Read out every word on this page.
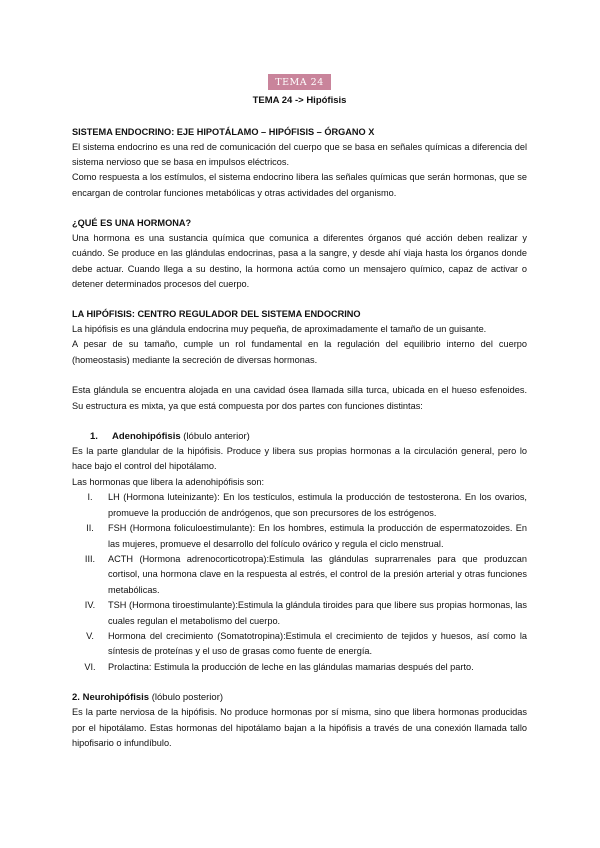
TEMA 24
TEMA 24 -> Hipófisis
SISTEMA ENDOCRINO: EJE HIPOTÁLAMO – HIPÓFISIS – ÓRGANO X

El sistema endocrino es una red de comunicación del cuerpo que se basa en señales químicas a diferencia del sistema nervioso que se basa en impulsos eléctricos.

Como respuesta a los estímulos, el sistema endocrino libera las señales químicas que serán hormonas, que se encargan de controlar funciones metabólicas y otras actividades del organismo.

¿QUÉ ES UNA HORMONA?

Una hormona es una sustancia química que comunica a diferentes órganos qué acción deben realizar y cuándo. Se produce en las glándulas endocrinas, pasa a la sangre, y desde ahí viaja hasta los órganos donde debe actuar. Cuando llega a su destino, la hormona actúa como un mensajero químico, capaz de activar o detener determinados procesos del cuerpo.

LA HIPÓFISIS: CENTRO REGULADOR DEL SISTEMA ENDOCRINO

La hipófisis es una glándula endocrina muy pequeña, de aproximadamente el tamaño de un guisante.

A pesar de su tamaño, cumple un rol fundamental en la regulación del equilibrio interno del cuerpo (homeostasis) mediante la secreción de diversas hormonas.

Esta glándula se encuentra alojada en una cavidad ósea llamada silla turca, ubicada en el hueso esfenoides. Su estructura es mixta, ya que está compuesta por dos partes con funciones distintas:

1. Adenohipófisis (lóbulo anterior)

Es la parte glandular de la hipófisis. Produce y libera sus propias hormonas a la circulación general, pero lo hace bajo el control del hipotálamo.

Las hormonas que libera la adenohipófisis son:

I.	LH (Hormona luteinizante): En los testículos, estimula la producción de testosterona. En los ovarios, promueve la producción de andrógenos, que son precursores de los estrógenos.
II.	FSH (Hormona foliculoestimulante): En los hombres, estimula la producción de espermatozoides. En las mujeres, promueve el desarrollo del folículo ovárico y regula el ciclo menstrual.
III.	ACTH (Hormona adrenocorticotropa):Estimula las glándulas suprarrenales para que produzcan cortisol, una hormona clave en la respuesta al estrés, el control de la presión arterial y otras funciones metabólicas.
IV.	TSH (Hormona tiroestimulante):Estimula la glándula tiroides para que libere sus propias hormonas, las cuales regulan el metabolismo del cuerpo.
V.	Hormona del crecimiento (Somatotropina):Estimula el crecimiento de tejidos y huesos, así como la síntesis de proteínas y el uso de grasas como fuente de energía.
VI.	Prolactina: Estimula la producción de leche en las glándulas mamarias después del parto.
2. Neurohipófisis (lóbulo posterior)

Es la parte nerviosa de la hipófisis. No produce hormonas por sí misma, sino que libera hormonas producidas por el hipotálamo. Estas hormonas del hipotálamo bajan a la hipófisis a través de una conexión llamada tallo hipofisario o infundíbulo.
